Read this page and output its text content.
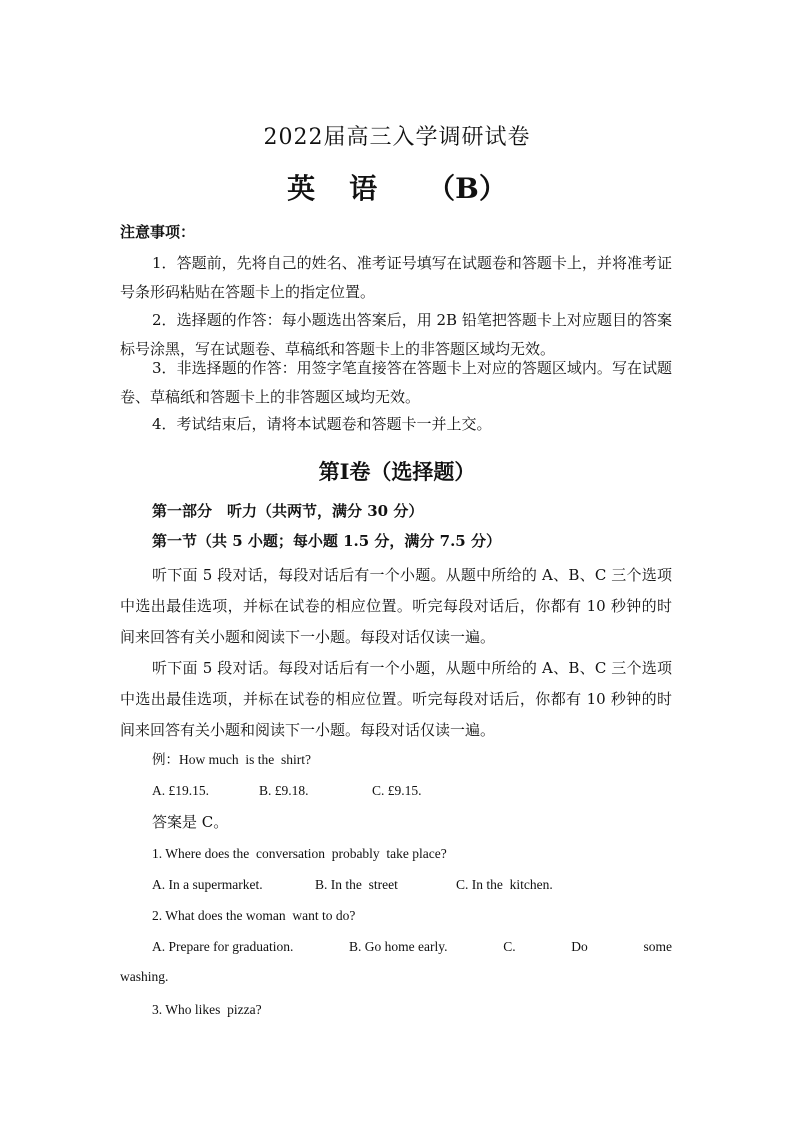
2022届高三入学调研试卷
英 语 （B）
注意事项：

1．答题前，先将自己的姓名、准考证号填写在试题卷和答题卡上，并将准考证号条形码粘贴在答题卡上的指定位置。

2．选择题的作答：每小题选出答案后，用 2B 铅笔把答题卡上对应题目的答案标号涂黑，写在试题卷、草稿纸和答题卡上的非答题区域均无效。

3．非选择题的作答：用签字笔直接答在答题卡上对应的答题区域内。写在试题卷、草稿纸和答题卡上的非答题区域均无效。

4．考试结束后，请将本试题卷和答题卡一并上交。

第Ⅰ卷（选择题）
第一部分　听力（共两节，满分 30 分）
第一节（共 5 小题；每小题 1.5 分，满分 7.5 分）

听下面 5 段对话，每段对话后有一个小题。从题中所给的 A、B、C 三个选项中选出最佳选项，并标在试卷的相应位置。听完每段对话后，你都有 10 秒钟的时间来回答有关小题和阅读下一小题。每段对话仅读一遍。

听下面 5 段对话。每段对话后有一个小题，从题中所给的 A、B、C 三个选项中选出最佳选项，并标在试卷的相应位置。听完每段对话后，你都有 10 秒钟的时间来回答有关小题和阅读下一小题。每段对话仅读一遍。

例：How much  is the  shirt?
A. £19.15.	B. £9.18.	C. £9.15.
答案是 C。
1. Where does the  conversation  probably  take place?
A. In a supermarket.	B. In the  street	C. In the  kitchen.
2. What does the woman  want to do?
A. Prepare for graduation.	B. Go home early.	C.	Do	some
washing.
3. Who likes  pizza?
